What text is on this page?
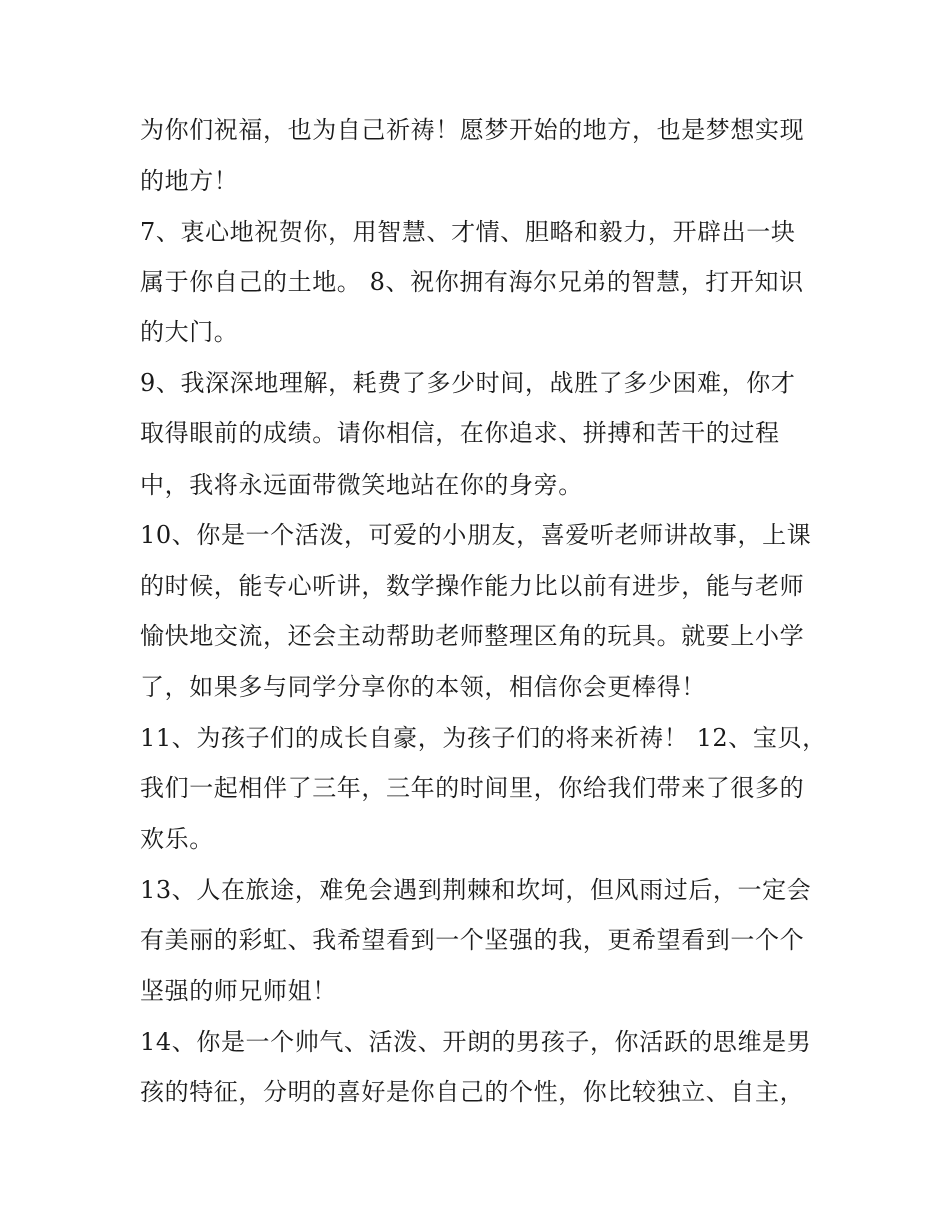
为你们祝福，也为自己祈祷！愿梦开始的地方，也是梦想实现
的地方！
7、衷心地祝贺你，用智慧、才情、胆略和毅力，开辟出一块
属于你自己的土地。 8、祝你拥有海尔兄弟的智慧，打开知识
的大门。
9、我深深地理解，耗费了多少时间，战胜了多少困难，你才
取得眼前的成绩。请你相信，在你追求、拼搏和苦干的过程
中，我将永远面带微笑地站在你的身旁。
10、你是一个活泼，可爱的小朋友，喜爱听老师讲故事，上课
的时候，能专心听讲，数学操作能力比以前有进步，能与老师
愉快地交流，还会主动帮助老师整理区角的玩具。就要上小学
了，如果多与同学分享你的本领，相信你会更棒得！
11、为孩子们的成长自豪，为孩子们的将来祈祷！ 12、宝贝，
我们一起相伴了三年，三年的时间里，你给我们带来了很多的
欢乐。
13、人在旅途，难免会遇到荆棘和坎坷，但风雨过后，一定会
有美丽的彩虹、我希望看到一个坚强的我，更希望看到一个个
坚强的师兄师姐！
14、你是一个帅气、活泼、开朗的男孩子，你活跃的思维是男
孩的特征，分明的喜好是你自己的个性，你比较独立、自主，
